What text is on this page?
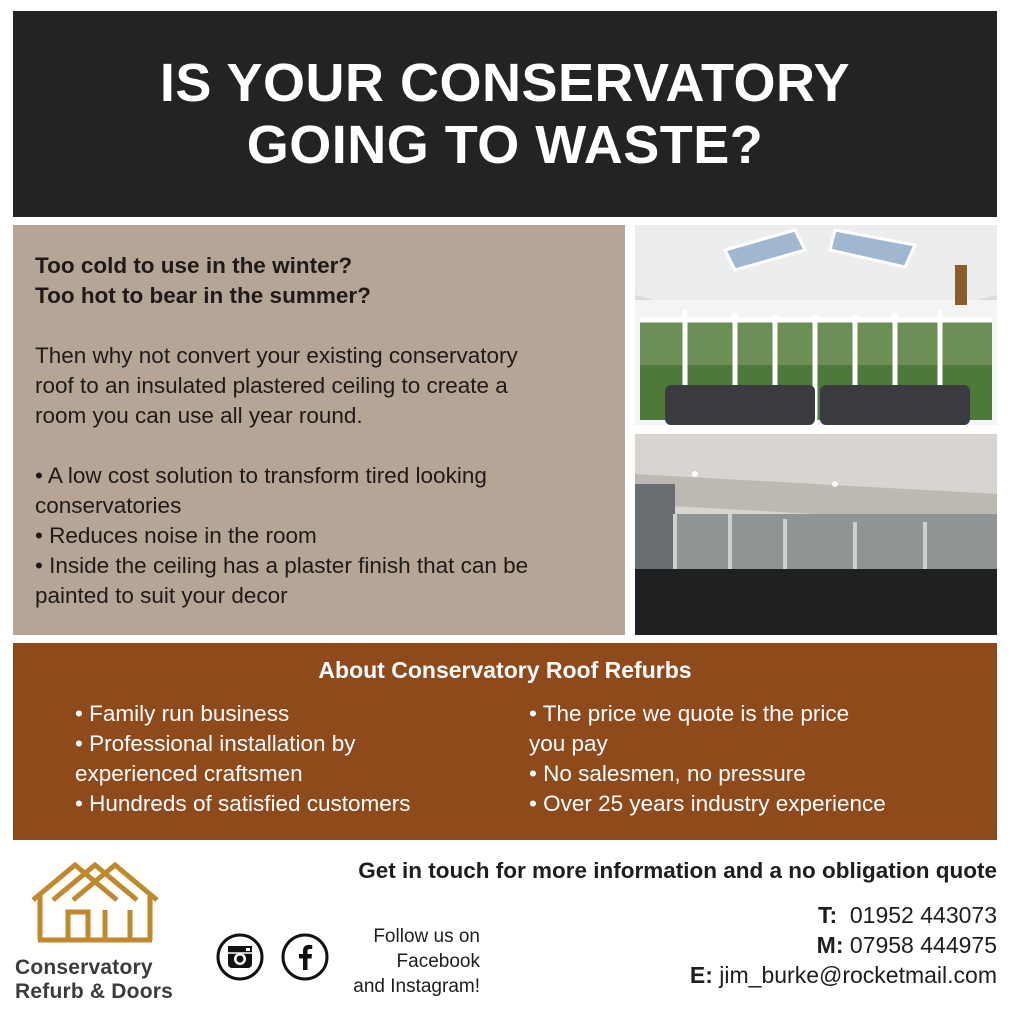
IS YOUR CONSERVATORY
GOING TO WASTE?
Too cold to use in the winter?
Too hot to bear in the summer?
Then why not convert your existing conservatory
roof to an insulated plastered ceiling to create a
room you can use all year round.
• A low cost solution to transform tired looking
conservatories
• Reduces noise in the room
• Inside the ceiling has a plaster finish that can be
painted to suit your decor
About Conservatory Roof Refurbs
• Family run business
• Professional installation by
experienced craftsmen
• Hundreds of satisfied customers
• The price we quote is the price
you pay
• No salesmen, no pressure
• Over 25 years industry experience
Conservatory
Refurb & Doors
Follow us on
Facebook
and Instagram!
Get in touch for more information and a no obligation quote
T: 01952 443073
M: 07958 444975
E: jim_burke@rocketmail.com
